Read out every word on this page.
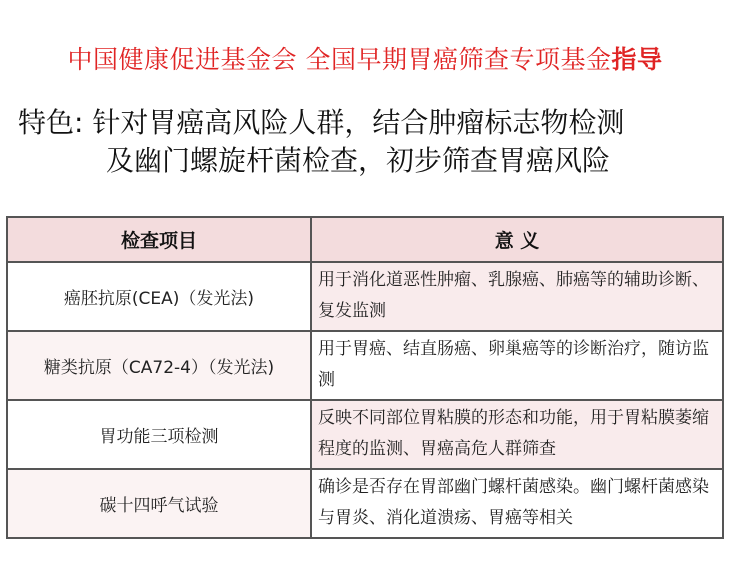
中国健康促进基金会 全国早期胃癌筛查专项基金指导
特色: 针对胃癌高风险人群，结合肿瘤标志物检测
及幽门螺旋杆菌检查，初步筛查胃癌风险
检查项目	意 义
癌胚抗原(CEA)（发光法)	用于消化道恶性肿瘤、乳腺癌、肺癌等的辅助诊断、复发监测
糖类抗原（CA72-4）（发光法)	用于胃癌、结直肠癌、卵巢癌等的诊断治疗，随访监测
胃功能三项检测	反映不同部位胃粘膜的形态和功能，用于胃粘膜萎缩程度的监测、胃癌高危人群筛查
碳十四呼气试验	确诊是否存在胃部幽门螺杆菌感染。幽门螺杆菌感染与胃炎、消化道溃疡、胃癌等相关
